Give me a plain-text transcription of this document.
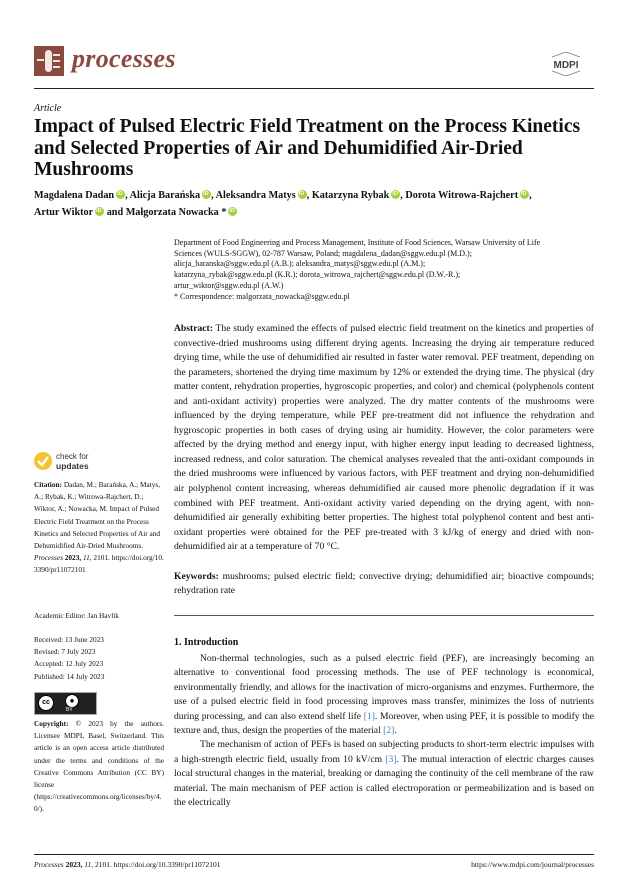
processes	MDPI
Article
Impact of Pulsed Electric Field Treatment on the Process Kinetics and Selected Properties of Air and Dehumidified Air-Dried Mushrooms
Magdalena Dadan iD , Alicja Barańska iD , Aleksandra Matys iD , Katarzyna Rybak iD , Dorota Witrowa-Rajchert iD ,
Artur Wiktor iD and Małgorzata Nowacka *iD
Department of Food Engineering and Process Management, Institute of Food Sciences, Warsaw University of Life
Sciences (WULS-SGGW), 02-787 Warsaw, Poland; magdalena_dadan@sggw.edu.pl (M.D.);
alicja_baranska@sggw.edu.pl (A.B.); aleksandra_matys@sggw.edu.pl (A.M.);
katarzyna_rybak@sggw.edu.pl (K.R.); dorota_witrowa_rajchert@sggw.edu.pl (D.W.-R.);
artur_wiktor@sggw.edu.pl (A.W.)
* Correspondence: malgorzata_nowacka@sggw.edu.pl
Abstract: The study examined the effects of pulsed electric field treatment on the kinetics and properties of convective-dried mushrooms using different drying agents. Increasing the drying air temperature reduced drying time, while the use of dehumidified air resulted in faster water removal. PEF treatment, depending on the parameters, shortened the drying time maximum by 12% or extended the drying time. The physical (dry matter content, rehydration properties, hygroscopic properties, and color) and chemical (polyphenols content and anti-oxidant activity) properties were analyzed. The dry matter contents of the mushrooms were influenced by the drying temperature, while PEF pre-treatment did not influence the rehydration and hygroscopic properties in both cases of drying using air humidity. However, the color parameters were affected by the drying method and energy input, with higher energy input leading to decreased lightness, increased redness, and color saturation. The chemical analyses revealed that the anti-oxidant compounds in the dried mushrooms were influenced by various factors, with PEF treatment and drying non-dehumidified air polyphenol content increasing, whereas dehumidified air caused more phenolic degradation if it was combined with PEF treatment. Anti-oxidant activity varied depending on the drying agent, with non-dehumidified air generally exhibiting better properties. The highest total polyphenol content and best anti-oxidant properties were obtained for the PEF pre-treated with 3 kJ/kg of energy and dried with non-dehumidified air at a temperature of 70 °C.
Keywords: mushrooms; pulsed electric field; convective drying; dehumidified air; bioactive compounds; rehydration rate
1. Introduction

Non-thermal technologies, such as a pulsed electric field (PEF), are increasingly becoming an alternative to conventional food processing methods. The use of PEF technology is economical, environmentally friendly, and allows for the inactivation of micro-organisms and enzymes. Furthermore, the use of a pulsed electric field in food processing improves mass transfer, minimizes the loss of nutrients during processing, and can also extend shelf life [1]. Moreover, when using PEF, it is possible to modify the texture and, thus, design the properties of the material [2].

The mechanism of action of PEFs is based on subjecting products to short-term electric impulses with a high-strength electric field, usually from 10 kV/cm [3]. The mutual interaction of electric charges causes local structural changes in the material, breaking or damaging the continuity of the cell membrane of the raw material. The main mechanism of PEF action is called electroporation or permeabilization and is based on the electrically

check for
updates
Citation: Dadan, M.; Barańska, A.; Matys, A.; Rybak, K.; Witrowa-Rajchert, D.; Wiktor, A.; Nowacka, M. Impact of Pulsed Electric Field Treatment on the Process Kinetics and Selected Properties of Air and Dehumidified Air-Dried Mushrooms. Processes 2023, 11, 2101. https://doi.org/10.3390/pr11072101
Academic Editor: Jan Havlik
Received: 13 June 2023
Revised: 7 July 2023
Accepted: 12 July 2023
Published: 14 July 2023
cc	●
BY
Copyright: © 2023 by the authors. Licensee MDPI, Basel, Switzerland. This article is an open access article distributed under the terms and conditions of the Creative Commons Attribution (CC BY) license (https://creativecommons.org/licenses/by/4.0/).
Processes 2023, 11, 2101. https://doi.org/10.3390/pr11072101	https://www.mdpi.com/journal/processes
